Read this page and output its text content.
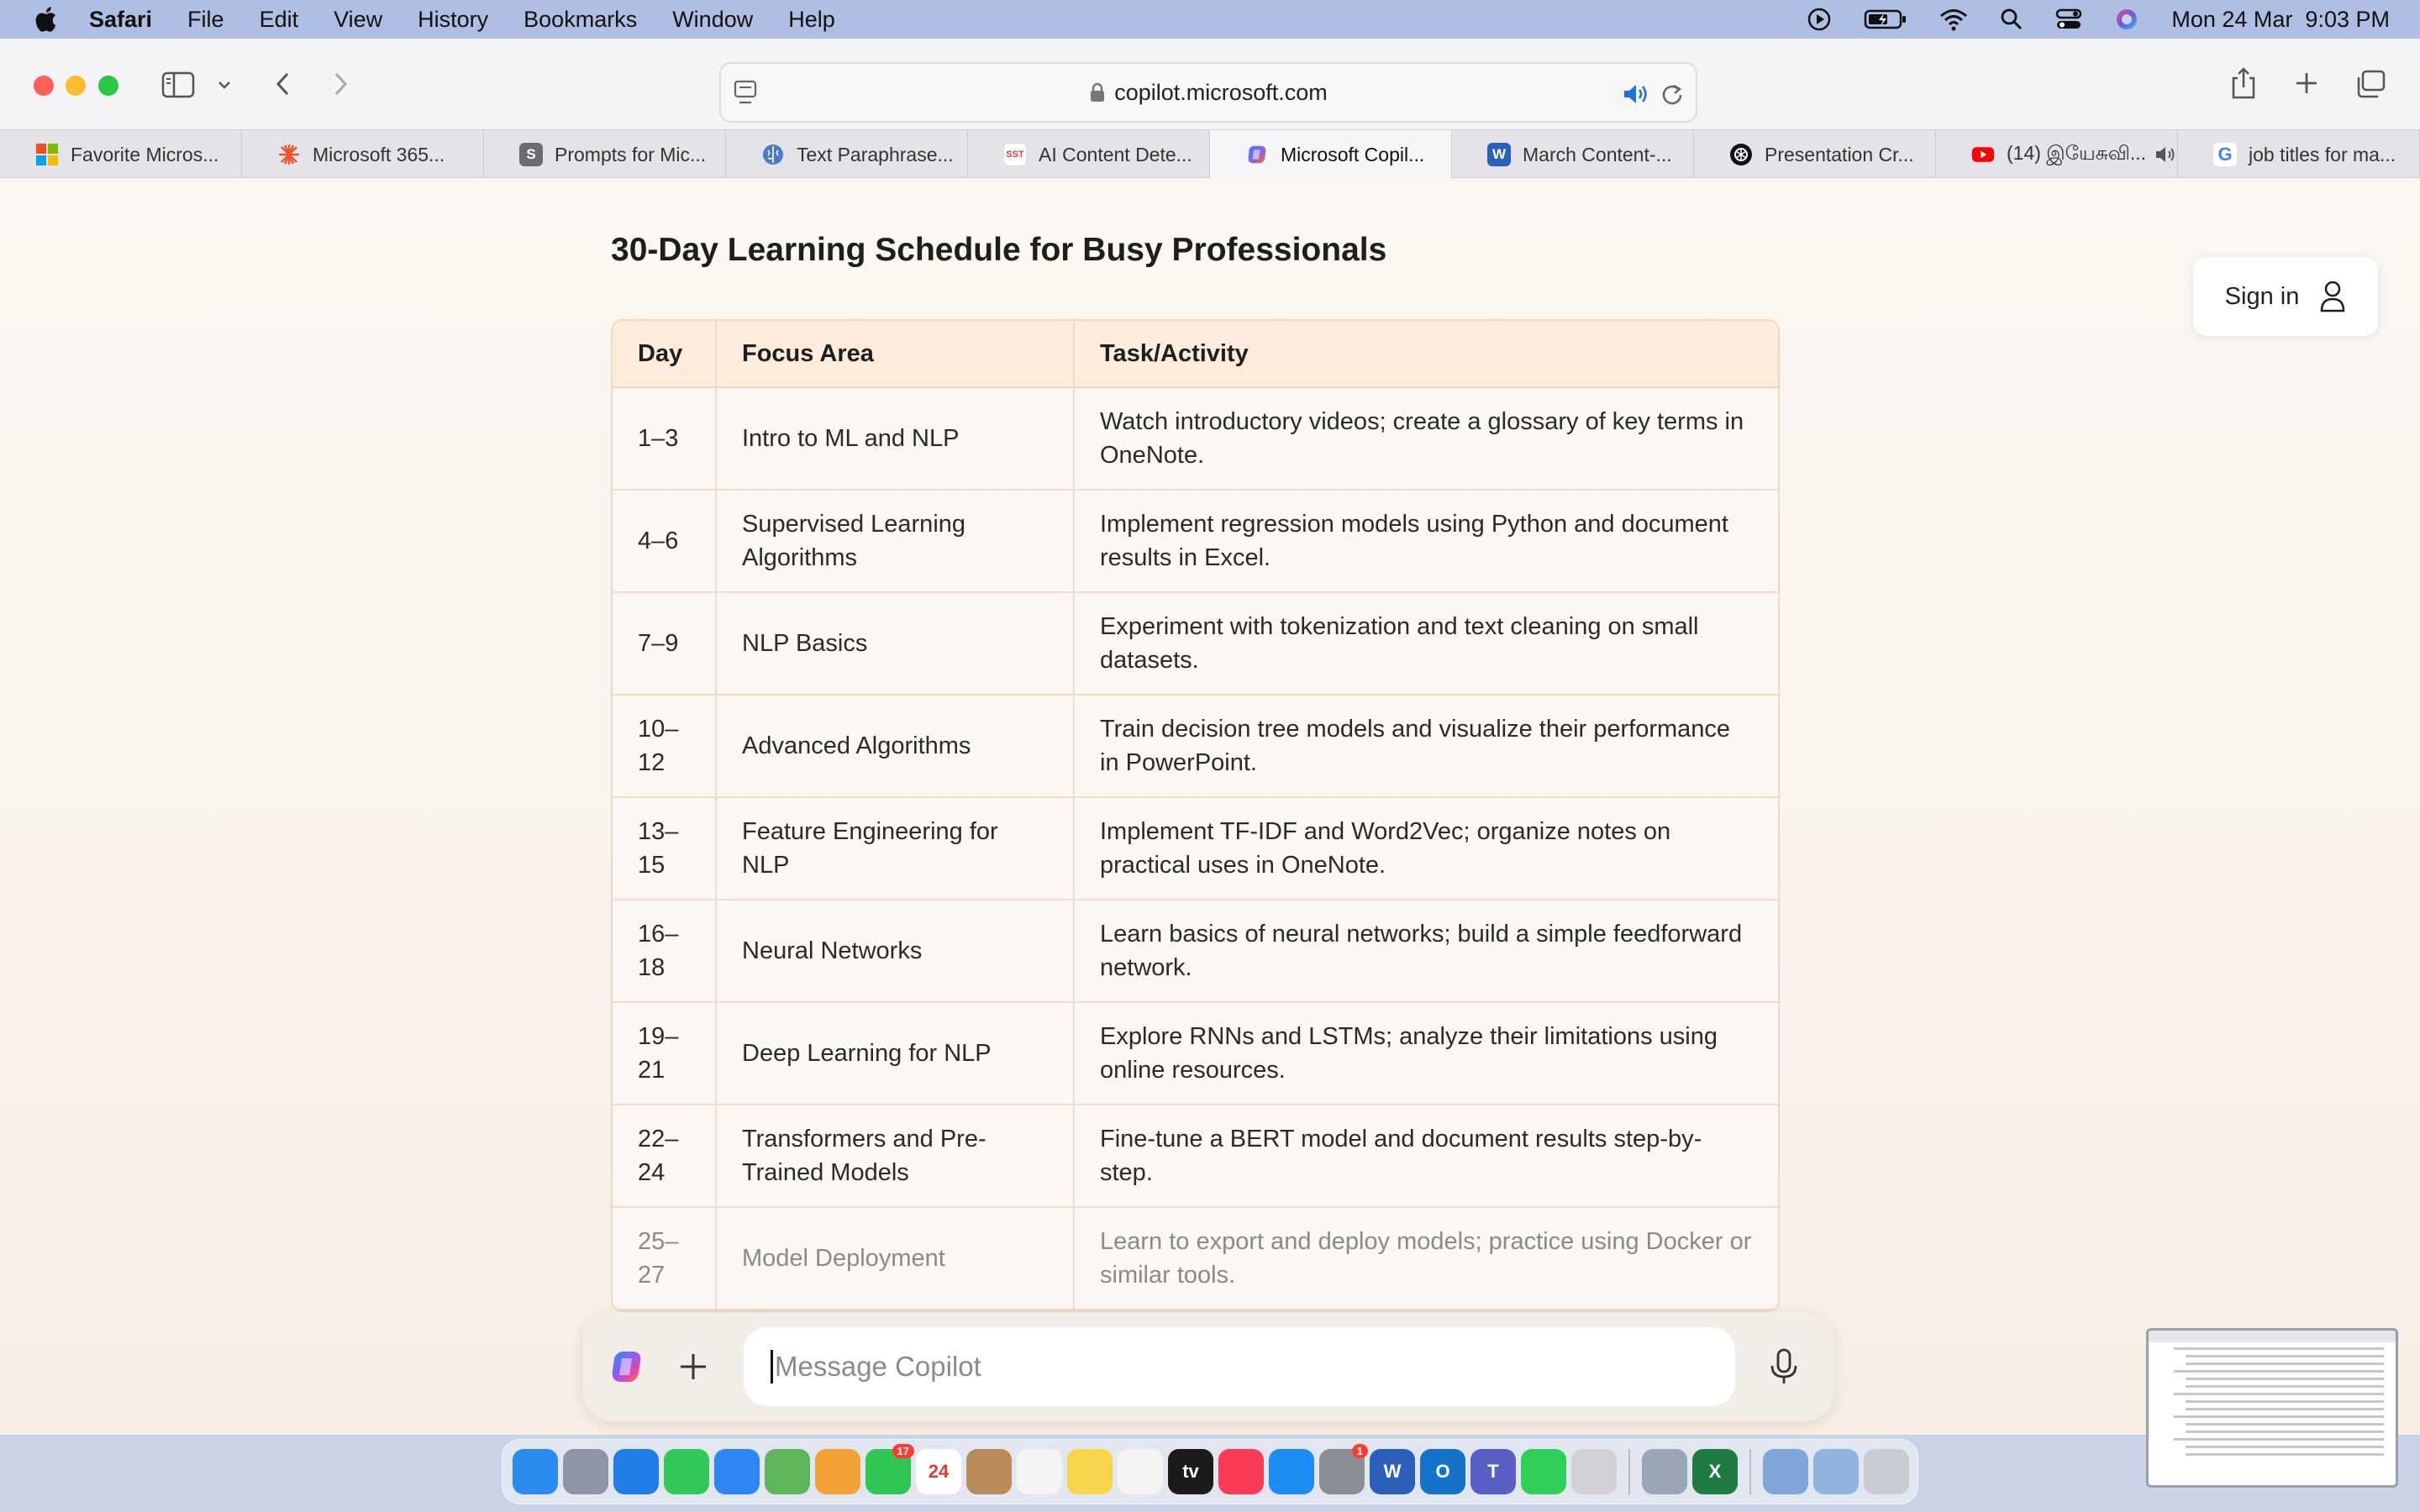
Safari File Edit View History Bookmarks Window Help	Mon 24 Mar  9:03 PM
copilot.microsoft.com
Favorite Micros...	Microsoft 365...	S Prompts for Mic...	Text Paraphrase...	SST AI Content Dete...	Microsoft Copil...	W March Content-...	Presentation Cr...	(14) இயேசுவி...	G job titles for ma...
30-Day Learning Schedule for Busy Professionals
Sign in
Day	Focus Area	Task/Activity
1–3	Intro to ML and NLP	Watch introductory videos; create a glossary of key terms in OneNote.
4–6	Supervised Learning Algorithms	Implement regression models using Python and document results in Excel.
7–9	NLP Basics	Experiment with tokenization and text cleaning on small datasets.
10–12	Advanced Algorithms	Train decision tree models and visualize their performance in PowerPoint.
13–15	Feature Engineering for NLP	Implement TF-IDF and Word2Vec; organize notes on practical uses in OneNote.
16–18	Neural Networks	Learn basics of neural networks; build a simple feedforward network.
19–21	Deep Learning for NLP	Explore RNNs and LSTMs; analyze their limitations using online resources.
22–24	Transformers and Pre-Trained Models	Fine-tune a BERT model and document results step-by-step.
25–27	Model Deployment	Learn to export and deploy models; practice using Docker or similar tools.
Message Copilot
17
24	tv
1
W O T	X
